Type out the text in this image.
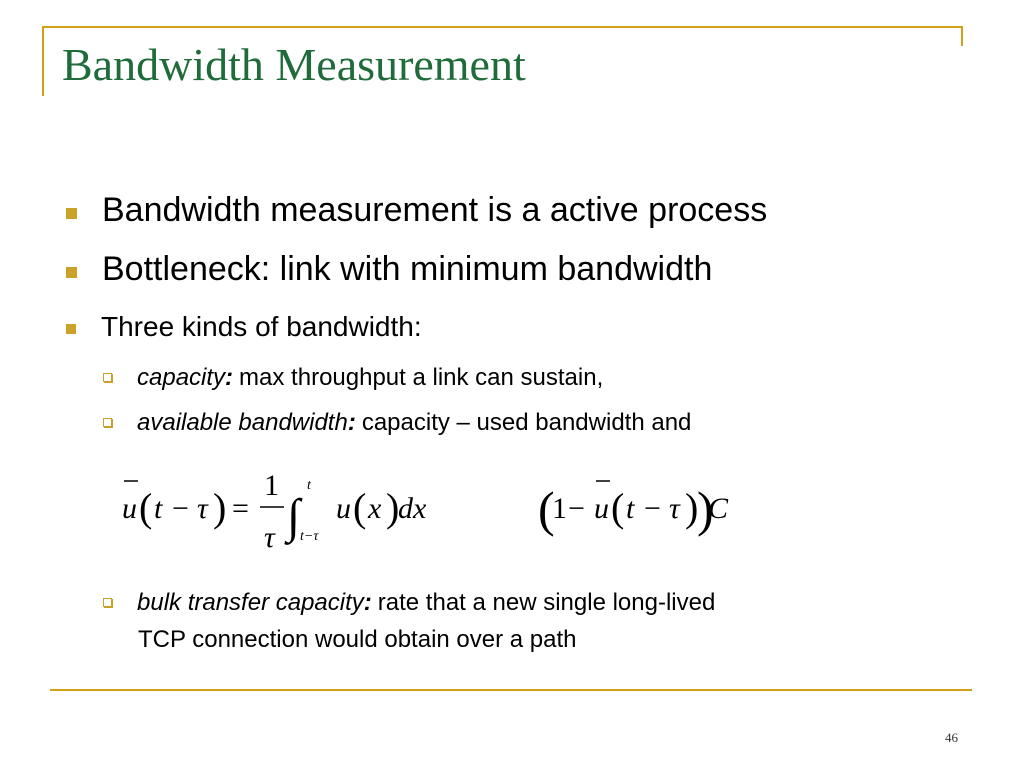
Bandwidth Measurement
Bandwidth measurement is a active process
Bottleneck: link with minimum bandwidth
Three kinds of bandwidth:
capacity : max throughput a link can sustain,
available bandwidth : capacity – used bandwidth and
u ( t − τ ) =
1
τ ∫
t
t−τ
u ( x )
dx (
1 − u ( t − τ )
)
C
bulk transfer capacity : rate that a new single long-lived
TCP connection would obtain over a path
46
